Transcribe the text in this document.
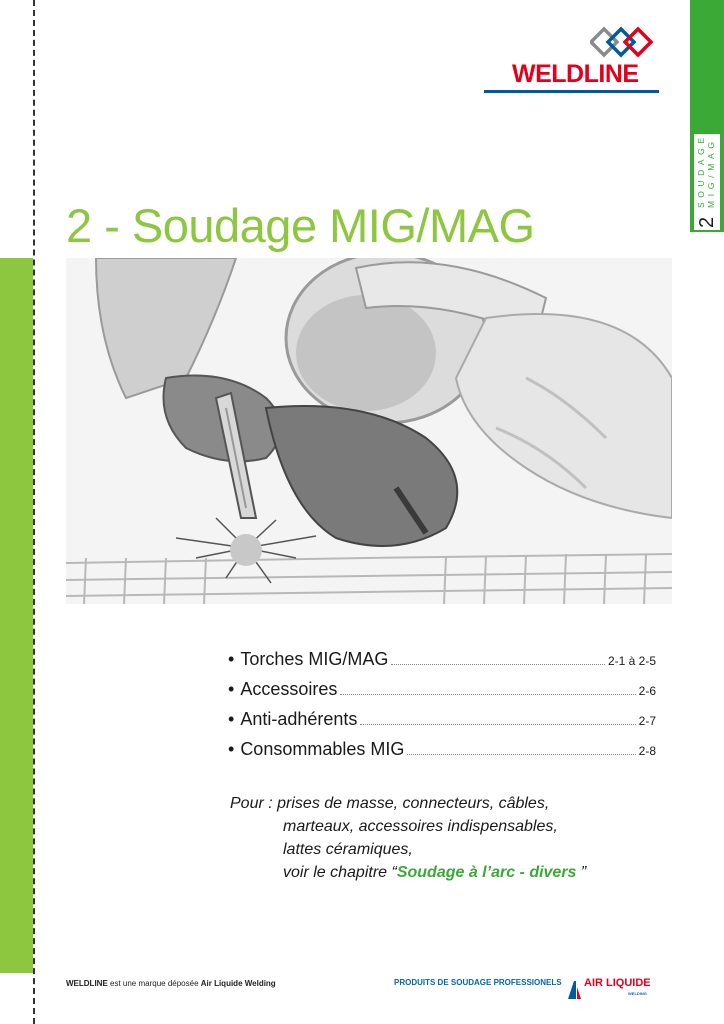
2
SOUDAGE
MIG/MAG
WELDLINE
2 - Soudage MIG/MAG
• Torches MIG/MAG	2-1 à 2-5
• Accessoires	2-6
• Anti-adhérents	2-7
• Consommables MIG	2-8
Pour : prises de masse, connecteurs, câbles,
marteaux, accessoires indispensables,
lattes céramiques,
voir le chapitre “Soudage à l’arc - divers ”
WELDLINE est une marque déposée Air Liquide Welding	PRODUITS DE SOUDAGE PROFESSIONELS AIR LIQUIDE
WELDING
